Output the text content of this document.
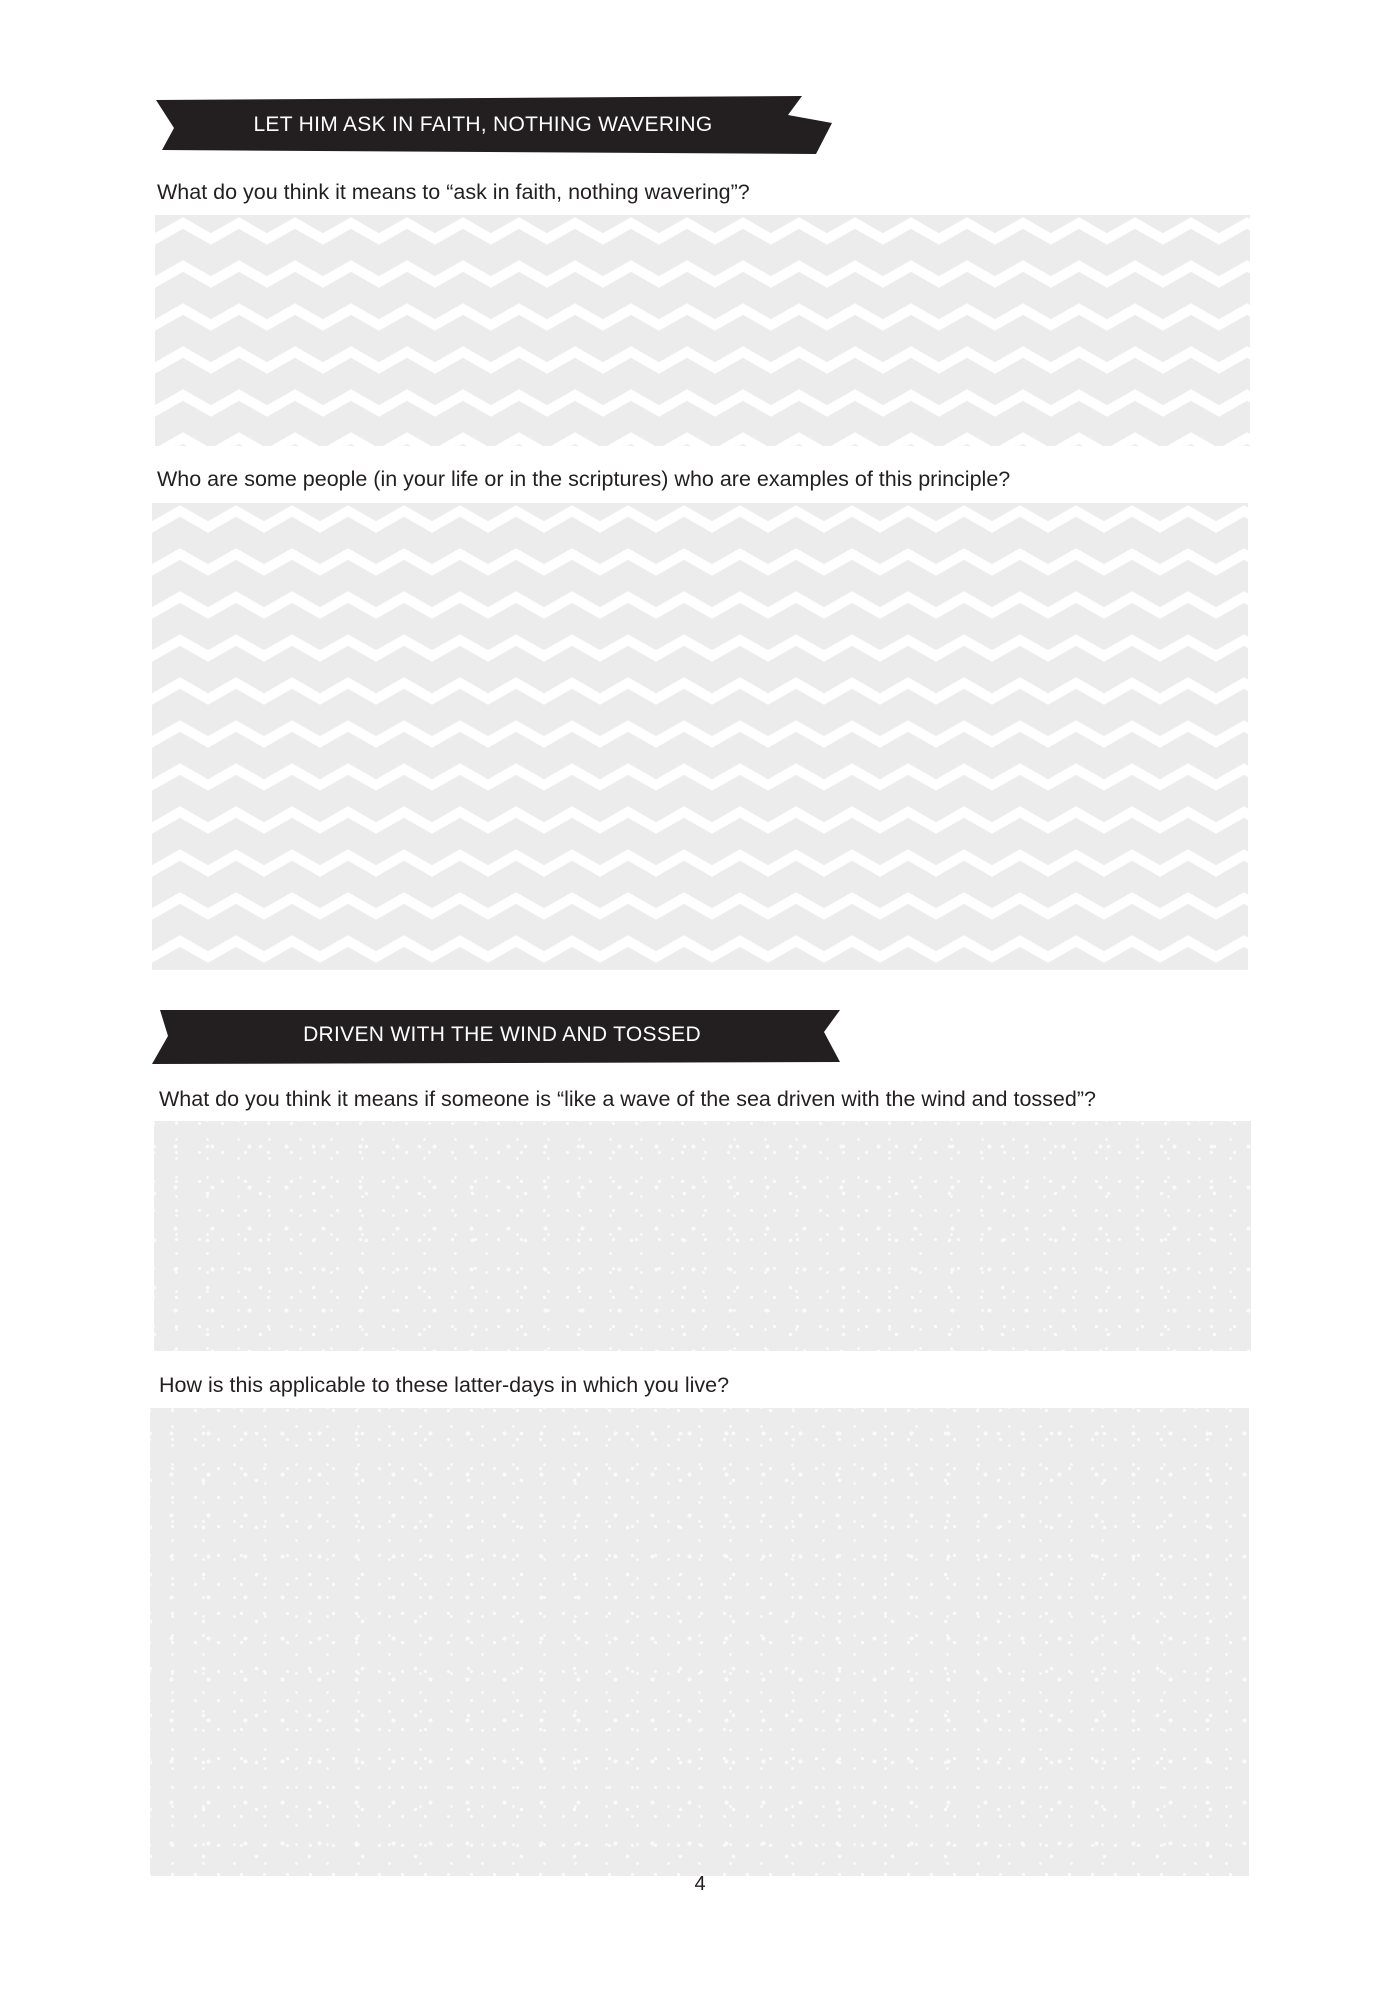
LET HIM ASK IN FAITH, NOTHING WAVERING
What do you think it means to “ask in faith, nothing wavering”?
Who are some people (in your life or in the scriptures) who are examples of this principle?
DRIVEN WITH THE WIND AND TOSSED
What do you think it means if someone is “like a wave of the sea driven with the wind and tossed”?
How is this applicable to these latter-days in which you live?
4
